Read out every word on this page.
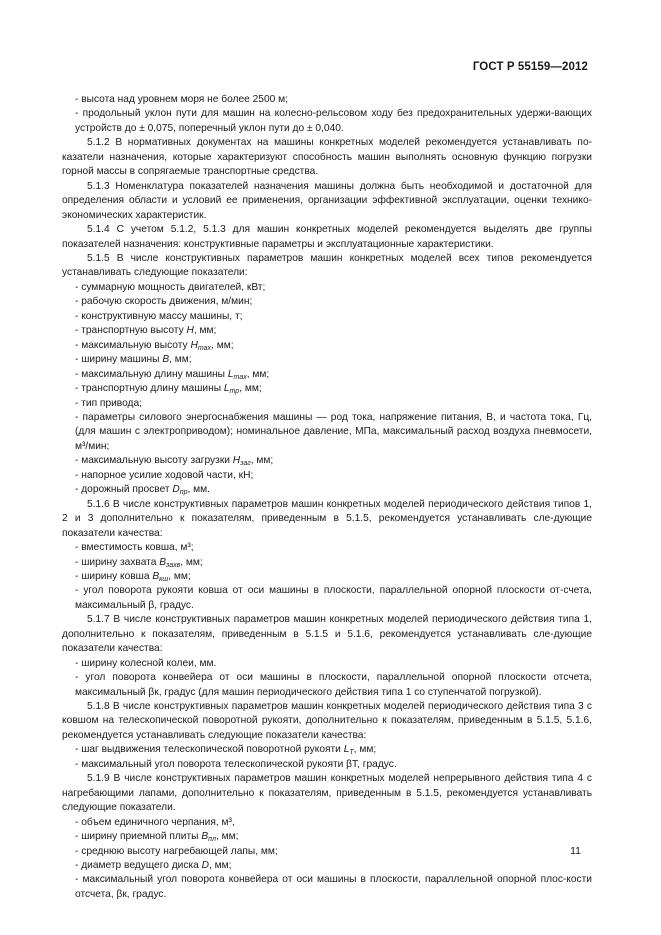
ГОСТ Р 55159—2012

- высота над уровнем моря не более 2500 м;

- продольный уклон пути для машин на колесно-рельсовом ходу без предохранительных удержи-вающих устройств до ± 0,075, поперечный уклон пути до ± 0,040.

5.1.2 В нормативных документах на машины конкретных моделей рекомендуется устанавливать по-казатели назначения, которые характеризуют способность машин выполнять основную функцию погрузки горной массы в сопрягаемые транспортные средства.

5.1.3 Номенклатура показателей назначения машины должна быть необходимой и достаточной для определения области и условий ее применения, организации эффективной эксплуатации, оценки технико-экономических характеристик.

5.1.4 С учетом 5.1.2, 5.1.3 для машин конкретных моделей рекомендуется выделять две группы показателей назначения: конструктивные параметры и эксплуатационные характеристики.

5.1.5 В числе конструктивных параметров машин конкретных моделей всех типов рекомендуется устанавливать следующие показатели:

- суммарную мощность двигателей, кВт;

- рабочую скорость движения, м/мин;

- конструктивную массу машины, т;

- транспортную высоту Н, мм;

- максимальную высоту $Н_{max}$, мм;

- ширину машины В, мм;

- максимальную длину машины $L_{max}$, мм;

- транспортную длину машины $L_{тр}$, мм;

- тип привода;

- параметры силового энергоснабжения машины — род тока, напряжение питания, В, и частота тока, Гц, (для машин с электроприводом); номинальное давление, МПа, максимальный расход воздуха пневмосети, м³/мин;

- максимальную высоту загрузки $Н_{заг}$, мм;

- напорное усилие ходовой части, кН;

- дорожный просвет $D_{пр}$, мм.

5.1.6 В числе конструктивных параметров машин конкретных моделей периодического действия типов 1, 2 и 3 дополнительно к показателям, приведенным в 5.1.5, рекомендуется устанавливать сле-дующие показатели качества:

- вместимость ковша, м³;

- ширину захвата $В_{захв}$, мм;

- ширину ковша $В_{кш}$, мм;

- угол поворота рукояти ковша от оси машины в плоскости, параллельной опорной плоскости от-счета, максимальный β, градус.

5.1.7 В числе конструктивных параметров машин конкретных моделей периодического действия типа 1, дополнительно к показателям, приведенным в 5.1.5 и 5.1.6, рекомендуется устанавливать сле-дующие показатели качества:

- ширину колесной колеи, мм.

- угол поворота конвейера от оси машины в плоскости, параллельной опорной плоскости отсчета, максимальный βк, градус (для машин периодического действия типа 1 со ступенчатой погрузкой).

5.1.8 В числе конструктивных параметров машин конкретных моделей периодического действия типа 3 с ковшом на телескопической поворотной рукояти, дополнительно к показателям, приведенным в 5.1.5, 5.1.6, рекомендуется устанавливать следующие показатели качества:

- шаг выдвижения телескопической поворотной рукояти $L_Т$, мм;

- максимальный угол поворота телескопической рукояти βТ, градус.

5.1.9 В числе конструктивных параметров машин конкретных моделей непрерывного действия типа 4 с нагребающими лапами, дополнительно к показателям, приведенным в 5.1.5, рекомендуется устанавливать следующие показатели.

- объем единичного черпания, м³,

- ширину приемной плиты $В_{пл}$, мм;

- среднюю высоту нагребающей лапы, мм;

- диаметр ведущего диска D, мм;

- максимальный угол поворота конвейера от оси машины в плоскости, параллельной опорной плос-кости отсчета, βк, градус.

11
